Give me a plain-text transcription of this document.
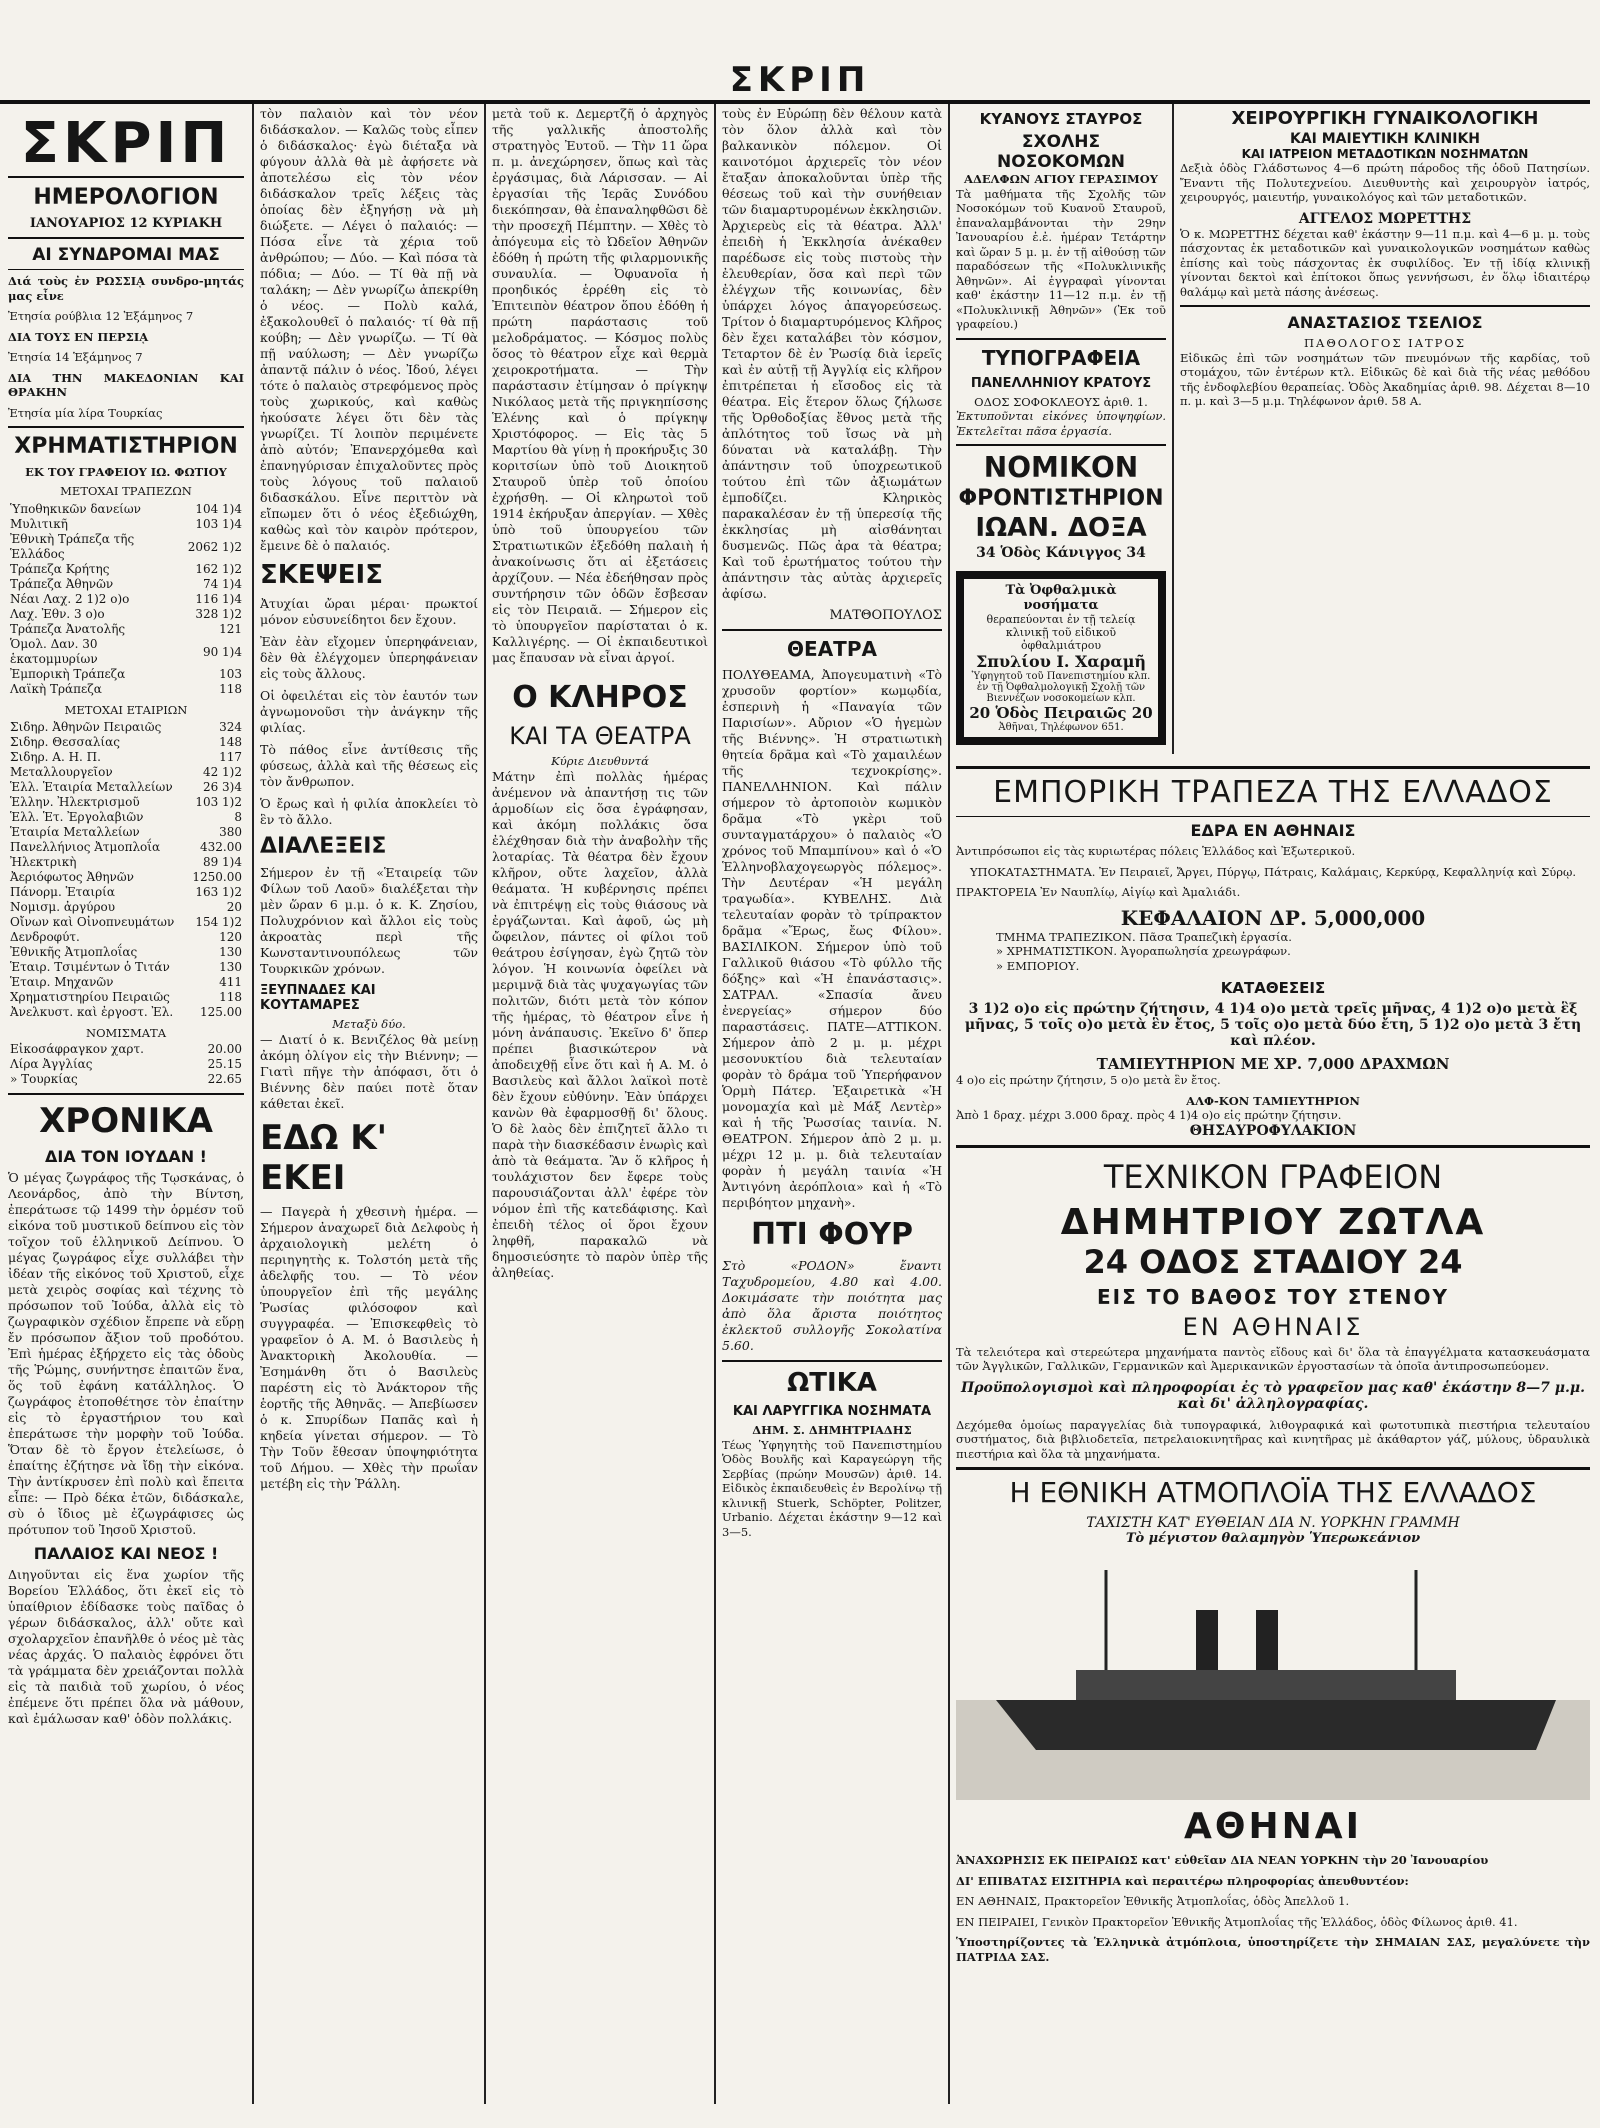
ΣΚΡΙΠ
ΣΚΡΙΠ
ΗΜΕΡΟΛΟΓΙΟΝ
ΙΑΝΟΥΑΡΙΟΣ 12 ΚΥΡΙΑΚΗ
ΑΙ ΣΥΝΔΡΟΜΑΙ ΜΑΣ

Διά τοὺς ἐν ΡΩΣΣΙᾼ συνδρο-μητάς μας εἶνε

Ἐτησία ρούβλια 12 Ἑξάμηνος 7

ΔΙΑ ΤΟΥΣ ΕΝ ΠΕΡΣΙᾼ

Ἐτησία 14 Ἑξάμηνος 7

ΔΙΑ ΤΗΝ ΜΑΚΕΔΟΝΙΑΝ ΚΑΙ ΘΡΑΚΗΝ

Ἐτησία μία λίρα Τουρκίας

ΧΡΗΜΑΤΙΣΤΗΡΙΟΝ
ΕΚ ΤΟΥ ΓΡΑΦΕΙΟΥ ΙΩ. ΦΩΤΙΟΥ
ΜΕΤΟΧΑΙ ΤΡΑΠΕΖΩΝ
Ὑποθηκικῶν δανείων	104 1)4
Μυλιτικῆ	103 1)4
Ἐθνικὴ Τράπεζα τῆς Ἑλλάδος	2062 1)2
Τράπεζα Κρήτης	162 1)2
Τράπεζα Ἀθηνῶν	74 1)4
Νέαι Λαχ. 2 1)2 ο)ο	116 1)4
Λαχ. Ἐθν. 3 ο)ο	328 1)2
Τράπεζα Ἀνατολῆς	121
Ὁμολ. Δαν. 30 ἑκατομμυρίων	90 1)4
Ἐμπορικὴ Τράπεζα	103
Λαϊκὴ Τράπεζα	118
ΜΕΤΟΧΑΙ ΕΤΑΙΡΙΩΝ
Σιδηρ. Ἀθηνῶν Πειραιῶς	324
Σιδηρ. Θεσσαλίας	148
Σιδηρ. Α. Η. Π.	117
Μεταλλουργεῖον	42 1)2
Ἑλλ. Ἑταιρία Μεταλλείων	26 3)4
Ἑλλην. Ἠλεκτρισμοῦ	103 1)2
Ἑλλ. Ἑτ. Ἐργολαβιῶν	8
Ἑταιρία Μεταλλείων	380
Πανελλήνιος Ἀτμοπλοΐα	432.00
Ἠλεκτρικὴ	89 1)4
Ἀεριόφωτος Ἀθηνῶν	1250.00
Πάνορμ. Ἑταιρία	163 1)2
Νομισμ. ἀργύρου	20
Οἴνων καὶ Οἰνοπνευμάτων	154 1)2
Δενδροφύτ.	120
Ἐθνικῆς Ἀτμοπλοΐας	130
Ἑταιρ. Τσιμέντων ὁ Τιτάν	130
Ἑταιρ. Μηχανῶν	411
Χρηματιστηρίου Πειραιῶς	118
Ἀνελκυστ. καὶ ἐργοστ. Ἐλ.	125.00
ΝΟΜΙΣΜΑΤΑ
Εἰκοσάφραγκον χαρτ.	20.00
Λίρα Ἀγγλίας	25.15
» Τουρκίας	22.65
ΧΡΟΝΙΚΑ
ΔΙΑ ΤΟΝ ΙΟΥΔΑΝ !

Ὁ μέγας ζωγράφος τῆς Τῳσκάνας, ὁ Λεονάρδος, ἀπὸ τὴν Βίντση, ἐπεράτωσε τῷ 1499 τὴν ὁρμέσν τοῦ εἰκόνα τοῦ μυστικοῦ δείπνου εἰς τὸν τοῖχον τοῦ ἑλληνικοῦ Δείπνου. Ὁ μέγας ζωγράφος εἶχε συλλάβει τὴν ἰδέαν τῆς εἰκόνος τοῦ Χριστοῦ, εἶχε μετὰ χειρὸς σοφίας καὶ τέχνης τὸ πρόσωπον τοῦ Ἰούδα, ἀλλὰ εἰς τὸ ζωγραφικὸν σχέδιον ἔπρεπε νὰ εὕρῃ ἔν πρόσωπον ἄξιον τοῦ προδότου. Ἐπὶ ἡμέρας ἐξήρχετο εἰς τὰς ὁδοὺς τῆς Ῥώμης, συνήντησε ἐπαιτῶν ἕνα, ὅς τοῦ ἐφάνη κατάλληλος. Ὁ ζωγράφος ἐτοποθέτησε τὸν ἐπαίτην εἰς τὸ ἐργαστήριον του καὶ ἐπεράτωσε τὴν μορφὴν τοῦ Ἰούδα. Ὅταν δὲ τὸ ἔργον ἐτελείωσε, ὁ ἐπαίτης ἐζήτησε νὰ ἴδῃ τὴν εἰκόνα. Τὴν ἀντίκρυσεν ἐπὶ πολὺ καὶ ἔπειτα εἶπε: — Πρὸ δέκα ἐτῶν, διδάσκαλε, σὺ ὁ ἴδιος μὲ ἐζωγράφισες ὡς πρότυπον τοῦ Ἰησοῦ Χριστοῦ.

ΠΑΛΑΙΟΣ ΚΑΙ ΝΕΟΣ !

Διηγοῦνται εἰς ἕνα χωρίον τῆς Βορείου Ἑλλάδος, ὅτι ἐκεῖ εἰς τὸ ὑπαίθριον ἐδίδασκε τοὺς παῖδας ὁ γέρων διδάσκαλος, ἀλλ' οὔτε καὶ σχολαρχεῖον ἐπανῆλθε ὁ νέος μὲ τὰς νέας ἀρχάς. Ὁ παλαιὸς ἐφρόνει ὅτι τὰ γράμματα δὲν χρειάζονται πολλὰ εἰς τὰ παιδιὰ τοῦ χωρίου, ὁ νέος ἐπέμενε ὅτι πρέπει ὅλα νὰ μάθουν, καὶ ἐμάλωσαν καθ' ὁδὸν πολλάκις.

τὸν παλαιὸν καὶ τὸν νέον διδάσκαλον. — Καλῶς τοὺς εἶπεν ὁ διδάσκαλος· ἐγὼ διέταξα νὰ φύγουν ἀλλὰ θὰ μὲ ἀφήσετε νὰ ἀποτελέσω εἰς τὸν νέον διδάσκαλον τρεῖς λέξεις τὰς ὁποίας δὲν ἐξηγήσῃ νὰ μὴ διώξετε. — Λέγει ὁ παλαιός: — Πόσα εἶνε τὰ χέρια τοῦ ἀνθρώπου; — Δύο. — Καὶ πόσα τὰ πόδια; — Δύο. — Τί θὰ πῇ νὰ ταλάκη; — Δὲν γνωρίζω ἀπεκρίθη ὁ νέος. — Πολὺ καλά, ἐξακολουθεῖ ὁ παλαιός· τί θὰ πῇ κούβη; — Δὲν γνωρίζω. — Τί θὰ πῇ ναύλωση; — Δὲν γνωρίζω ἀπαντᾷ πάλιν ὁ νέος. Ἰδού, λέγει τότε ὁ παλαιὸς στρεφόμενος πρὸς τοὺς χωρικούς, καὶ καθὼς ἠκούσατε λέγει ὅτι δὲν τὰς γνωρίζει. Τί λοιπὸν περιμένετε ἀπὸ αὐτόν; Ἐπανερχόμεθα καὶ ἐπανηγύρισαν ἐπιχαλοῦντες πρὸς τοὺς λόγους τοῦ παλαιοῦ διδασκάλου. Εἶνε περιττὸν νὰ εἴπωμεν ὅτι ὁ νέος ἐξεδιώχθη, καθὼς καὶ τὸν καιρὸν πρότερον, ἔμεινε δὲ ὁ παλαιός.

ΣΚΕΨΕΙΣ

Ἀτυχίαι ὤραι μέραι· πρωκτοί μόνον εὐσυνείδητοι δεν ἔχουν.

Ἐὰν ἐὰν εἴχομεν ὑπερηφάνειαν, δὲν θὰ ἐλέγχομεν ὑπερηφάνειαν εἰς τοὺς ἄλλους.

Οἱ ὀφειλέται εἰς τὸν ἑαυτόν των ἀγνωμονοῦσι τὴν ἀνάγκην τῆς φιλίας.

Τὸ πάθος εἶνε ἀντίθεσις τῆς φύσεως, ἀλλὰ καὶ τῆς θέσεως εἰς τὸν ἄνθρωπον.

Ὁ ἔρως καὶ ἡ φιλία ἀποκλείει τὸ ἓν τὸ ἄλλο.

ΔΙΑΛΕΞΕΙΣ

Σήμερον ἐν τῇ «Ἑταιρείᾳ τῶν Φίλων τοῦ Λαοῦ» διαλέξεται τὴν μὲν ὥραν 6 μ.μ. ὁ κ. Κ. Ζησίου, Πολυχρόνιον καὶ ἄλλοι εἰς τοὺς ἀκροατὰς περὶ τῆς Κωνσταντινουπόλεως τῶν Τουρκικῶν χρόνων.

ΞΕΥΠΝΑΔΕΣ ΚΑΙ ΚΟΥΤΑΜΑΡΕΣ
Μεταξὺ δύο.

— Διατί ὁ κ. Βενιζέλος θὰ μείνῃ ἀκόμη ὀλίγον εἰς τὴν Βιέννην; — Γιατὶ πῆγε τὴν ἀπόφασι, ὅτι ὁ Βιέννης δὲν παύει ποτὲ ὅταν κάθεται ἐκεῖ.

ΕΔΩ Κ' ΕΚΕΙ

— Παγερὰ ἡ χθεσινὴ ἡμέρα. — Σήμερον ἀναχωρεῖ διὰ Δελφοὺς ἡ ἀρχαιολογικὴ μελέτη ὁ περιηγητὴς κ. Τολστόη μετὰ τῆς ἀδελφῆς του. — Τὸ νέον ὑπουργεῖον ἐπὶ τῆς μεγάλης Ῥωσίας φιλόσοφον καὶ συγγραφέα. — Ἐπισκεφθεὶς τὸ γραφεῖον ὁ Α. Μ. ὁ Βασιλεὺς ἡ Ἀνακτορικὴ Ἀκολουθία. — Ἐσημάνθη ὅτι ὁ Βασιλεὺς παρέστη εἰς τὸ Ἀνάκτορον τῆς ἑορτῆς τῆς Ἀθηνᾶς. — Ἀπεβίωσεν ὁ κ. Σπυρίδων Παπᾶς καὶ ἡ κηδεία γίνεται σήμερον. — Τὸ Τὴν Τοῦν ἔθεσαν ὑποψηφιότητα τοῦ Δήμου. — Χθὲς τὴν πρωΐαν μετέβη εἰς τὴν Ῥάλλη.

μετὰ τοῦ κ. Δεμερτζῆ ὁ ἀρχηγὸς τῆς γαλλικῆς ἀποστολῆς στρατηγὸς Ἐυτοῦ. — Τὴν 11 ὥρα π. μ. ἀνεχώρησεν, ὅπως καὶ τὰς ἐργάσιμας, διὰ Λάρισσαν. — Αἱ ἐργασίαι τῆς Ἱερᾶς Συνόδου διεκόπησαν, θὰ ἐπαναληφθῶσι δὲ τὴν προσεχῆ Πέμπτην. — Χθὲς τὸ ἀπόγευμα εἰς τὸ Ὠδεῖον Ἀθηνῶν ἐδόθη ἡ πρώτη τῆς φιλαρμονικῆς συναυλία. — Ὀφυανοῖα ἡ προηδικός ἑρρέθη εἰς τὸ Ἐπιτειπὸν θέατρον ὅπου ἐδόθη ἡ πρώτη παράστασις τοῦ μελοδράματος. — Κόσμος πολὺς ὅσος τὸ θέατρον εἶχε καὶ θερμὰ χειροκροτήματα. — Τὴν παράστασιν ἐτίμησαν ὁ πρίγκηψ Νικόλαος μετὰ τῆς πριγκηπίσσης Ἑλένης καὶ ὁ πρίγκηψ Χριστόφορος. — Εἰς τὰς 5 Μαρτίου θὰ γίνῃ ἡ προκήρυξις 30 κοριτσίων ὑπὸ τοῦ Διοικητοῦ Σταυροῦ ὑπὲρ τοῦ ὁποίου ἐχρήσθη. — Οἱ κληρωτοὶ τοῦ 1914 ἐκήρυξαν ἀπεργίαν. — Χθὲς ὑπὸ τοῦ ὑπουργείου τῶν Στρατιωτικῶν ἐξεδόθη παλαιὴ ἡ ἀνακοίνωσις ὅτι αἱ ἐξετάσεις ἀρχίζουν. — Νέα ἐδεήθησαν πρὸς συντήρησιν τῶν ὁδῶν ἔσβεσαν εἰς τὸν Πειραιᾶ. — Σήμερον εἰς τὸ ὑπουργεῖον παρίσταται ὁ κ. Καλλιγέρης. — Οἱ ἐκπαιδευτικοὶ μας ἔπαυσαν νὰ εἶναι ἀργοί.

Ο ΚΛΗΡΟΣ
ΚΑΙ ΤΑ ΘΕΑΤΡΑ
Κύριε Διευθυντά

Μάτην ἐπὶ πολλὰς ἡμέρας ἀνέμενον νὰ ἀπαντήσῃ τις τῶν ἁρμοδίων εἰς ὅσα ἐγράφησαν, καὶ ἀκόμη πολλάκις ὅσα ἐλέχθησαν διὰ τὴν ἀναβολὴν τῆς λοταρίας. Τὰ θέατρα δὲν ἔχουν κλῆρον, οὔτε λαχεῖον, ἀλλὰ θεάματα. Ἡ κυβέρνησις πρέπει νὰ ἐπιτρέψῃ εἰς τοὺς θιάσους νὰ ἐργάζωνται. Καὶ ἀφοῦ, ὡς μὴ ὤφειλον, πάντες οἱ φίλοι τοῦ θεάτρου ἐσίγησαν, ἐγὼ ζητῶ τὸν λόγον. Ἡ κοινωνία ὀφείλει νὰ μεριμνᾷ διὰ τὰς ψυχαγωγίας τῶν πολιτῶν, διότι μετὰ τὸν κόπον τῆς ἡμέρας, τὸ θέατρον εἶνε ἡ μόνη ἀνάπαυσις. Ἐκεῖνο δ' ὅπερ πρέπει βιασικώτερον νὰ ἀποδειχθῇ εἶνε ὅτι καὶ ἡ Α. Μ. ὁ Βασιλεὺς καὶ ἄλλοι λαϊκοὶ ποτὲ δὲν ἔχουν εὐθύνην. Ἐὰν ὑπάρχει κανὼν θὰ ἐφαρμοσθῇ δι' ὅλους. Ὁ δὲ λαὸς δὲν ἐπιζητεῖ ἄλλο τι παρὰ τὴν διασκέδασιν ἐνωρὶς καὶ ἀπὸ τὰ θεάματα. Ἂν ὅ κλῆρος ἡ τουλάχιστον δεν ἔφερε τοὺς παρουσιάζονται ἀλλ' ἐφέρε τὸν νόμον ἐπὶ τῆς κατεδάφισης. Καὶ ἐπειδὴ τέλος οἱ ὅροι ἔχουν ληφθῆ, παρακαλῶ νὰ δημοσιεύσητε τὸ παρὸν ὑπὲρ τῆς ἀληθείας.

τοὺς ἐν Εὐρώπῃ δὲν θέλουν κατὰ τὸν ὅλον ἀλλὰ καὶ τὸν βαλκανικὸν πόλεμον. Οἱ καινοτόμοι ἀρχιερεῖς τὸν νέον ἔταξαν ἀποκαλοῦνται ὑπὲρ τῆς θέσεως τοῦ καὶ τὴν συνήθειαν τῶν διαμαρτυρομένων ἐκκλησιῶν. Ἀρχιερεὺς εἰς τὰ θέατρα. Ἀλλ' ἐπειδὴ ἡ Ἐκκλησία ἀνέκαθεν παρέδωσε εἰς τοὺς πιστοὺς τὴν ἐλευθερίαν, ὅσα καὶ περὶ τῶν ἐλέγχων τῆς κοινωνίας, δὲν ὑπάρχει λόγος ἀπαγορεύσεως. Τρίτον ὁ διαμαρτυρόμενος Κλῆρος δὲν ἔχει καταλάβει τὸν κόσμον, Τεταρτον δὲ ἐν Ῥωσίᾳ διὰ ἱερεῖς καὶ ἐν αὐτῇ τῇ Ἀγγλίᾳ εἰς κλῆρον ἐπιτρέπεται ἡ εἴσοδος εἰς τὰ θέατρα. Εἰς ἕτερον ὅλως ζήλωσε τῆς Ὀρθοδοξίας ἔθνος μετὰ τῆς ἀπλότητος τοῦ ἴσως νὰ μὴ δύναται νὰ καταλάβῃ. Τὴν ἀπάντησιν τοῦ ὑποχρεωτικοῦ τούτου ἐπὶ τῶν ἀξιωμάτων ἐμποδίζει. Κληρικὸς παρακαλέσαν ἐν τῇ ὑπερεσίᾳ τῆς ἐκκλησίας μὴ αἰσθάνηται δυσμενῶς. Πῶς ἀρα τὰ θέατρα; Καὶ τοῦ ἐρωτήματος τούτου τὴν ἀπάντησιν τὰς αὐτὰς ἀρχιερεῖς ἀφίσω.

ΜΑΤΘΟΠΟΥΛΟΣ
ΘΕΑΤΡΑ

ΠΟΛΥΘΕΑΜΑ, Ἀπογευματινὴ «Τὸ χρυσοῦν φορτίον» κωμῳδία, ἑσπερινὴ ἡ «Παναγία τῶν Παρισίων». Αὔριον «Ὁ ἡγεμὼν τῆς Βιέννης». Ἡ στρατιωτικὴ θητεία δρᾶμα καὶ «Τὸ χαμαιλέων τῆς τεχνοκρίσης». ΠΑΝΕΛΛΗΝΙΟΝ. Καὶ πάλιν σήμερον τὸ ἀρτοποιὸν κωμικὸν δρᾶμα «Τὸ γκὲρι τοῦ συνταγματάρχου» ὁ παλαιὸς «Ὁ χρόνος τοῦ Μπαμπίνου» καὶ ὁ «Ὁ Ἑλληνοβλαχογεωργὸς πόλεμος». Τὴν Δευτέραν «Ἡ μεγάλη τραγωδία». ΚΥΒΕΛΗΣ. Διὰ τελευταίαν φορὰν τὸ τρίπρακτον δρᾶμα «Ἔρως, ἔως Φίλου». ΒΑΣΙΛΙΚΟΝ. Σήμερον ὑπὸ τοῦ Γαλλικοῦ θιάσου «Τὸ φύλλο τῆς δόξης» καὶ «Ἡ ἐπανάστασις». ΣΑΤΡΑΛ. «Σπασία ἄνευ ἐνεργείας» σήμερον δύο παραστάσεις. ΠΑΤΕ—ΑΤΤΙΚΟΝ. Σήμερον ἀπὸ 2 μ. μ. μέχρι μεσονυκτίου διὰ τελευταίαν φορὰν τὸ δράμα τοῦ Ὑπερήφανον Ὁρμὴ Πάτερ. Ἐξαιρετικὰ «Ἡ μονομαχία καὶ μὲ Μάξ Λεντὲρ» καὶ ἡ τῆς Ῥωσσίας ταινία. Ν. ΘΕΑΤΡΟΝ. Σήμερον ἀπὸ 2 μ. μ. μέχρι 12 μ. μ. διὰ τελευταίαν φορὰν ἡ μεγάλη ταινία «Ἡ Ἀντιγόνη ἀερόπλοια» καὶ ἡ «Τὸ περιβόητον μηχανὴ».

ΠΤΙ ΦΟΥΡ

Στὸ «ΡΟΔΟΝ» ἔναντι Ταχυδρομείου, 4.80 καὶ 4.00. Δοκιμάσατε τὴν ποιότητα μας ἀπὸ ὅλα ἄριστα ποιότητος ἐκλεκτοῦ συλλογῆς Σοκολατίνα 5.60.

ΩΤΙΚΑ
ΚΑΙ ΛΑΡΥΓΓΙΚΑ ΝΟΣΗΜΑΤΑ
ΔΗΜ. Σ. ΔΗΜΗΤΡΙΑΔΗΣ

Τέως Ὑφηγητὴς τοῦ Πανεπιστημίου Ὁδὸς Βουλῆς καὶ Καραγεώργη τῆς Σερβίας (πρώην Μουσῶν) ἀριθ. 14. Εἰδικὸς ἐκπαιδευθεὶς ἐν Βερολίνῳ τῇ κλινικῇ Stuerk, Schöpter, Politzer, Urbanio. Δέχεται ἑκάστην 9—12 καὶ 3—5.

ΚΥΑΝΟΥΣ ΣΤΑΥΡΟΣ
ΣΧΟΛΗΣ ΝΟΣΟΚΟΜΩΝ
ΑΔΕΛΦΩΝ ΑΓΙΟΥ ΓΕΡΑΣΙΜΟΥ

Τὰ μαθήματα τῆς Σχολῆς τῶν Νοσοκόμων τοῦ Κυανοῦ Σταυροῦ, ἐπαναλαμβάνονται τὴν 29ην Ἰανουαρίου ἐ.ἐ. ἡμέραν Τετάρτην καὶ ὥραν 5 μ. μ. ἐν τῇ αἰθούσῃ τῶν παραδόσεων τῆς «Πολυκλινικῆς Ἀθηνῶν». Αἱ ἐγγραφαὶ γίνονται καθ' ἑκάστην 11—12 π.μ. ἐν τῇ «Πολυκλινικῇ Ἀθηνῶν» (Ἐκ τοῦ γραφείου.)

ΤΥΠΟΓΡΑΦΕΙΑ
ΠΑΝΕΛΛΗΝΙΟΥ ΚΡΑΤΟΥΣ
ΟΔΟΣ ΣΟΦΟΚΛΕΟΥΣ ἀριθ. 1.

Ἐκτυποῦνται εἰκόνες ὑποψηφίων. Ἐκτελεῖται πᾶσα ἐργασία.

ΝΟΜΙΚΟΝ
ΦΡΟΝΤΙΣΤΗΡΙΟΝ
ΙΩΑΝ. ΔΟΞΑ
34 Ὁδὸς Κάνιγγος 34
Τὰ Ὀφθαλμικὰ νοσήματα
θεραπεύονται ἐν τῇ τελείᾳ κλινικῇ τοῦ εἰδικοῦ ὀφθαλμιάτρου
Σπυλίου Ι. Χαραμῆ
Ὑφηγητοῦ τοῦ Πανεπιστημίου κλπ. ἐν τῇ Ὀφθαλμολογικῇ Σχολῇ τῶν Βιεννέζων νοσοκομείων κλπ.
20 Ὁδὸς Πειραιῶς 20
Ἀθῆναι, Τηλέφωνον 651.
ΧΕΙΡΟΥΡΓΙΚΗ ΓΥΝΑΙΚΟΛΟΓΙΚΗ
ΚΑΙ ΜΑΙΕΥΤΙΚΗ ΚΛΙΝΙΚΗ
ΚΑΙ ΙΑΤΡΕΙΟΝ ΜΕΤΑΔΟΤΙΚΩΝ ΝΟΣΗΜΑΤΩΝ

Δεξιὰ ὁδὸς Γλάδστωνος 4—6 πρώτη πάροδος τῆς ὁδοῦ Πατησίων. Ἔναντι τῆς Πολυτεχνείου. Διευθυντὴς καὶ χειρουργὸν ἰατρός, χειρουργός, μαιευτήρ, γυναικολόγος καὶ τῶν μεταδοτικῶν.

ΑΓΓΕΛΟΣ ΜΩΡΕΤΤΗΣ

Ὁ κ. ΜΩΡΕΤΤΗΣ δέχεται καθ' ἑκάστην 9—11 π.μ. καὶ 4—6 μ. μ. τοὺς πάσχοντας ἐκ μεταδοτικῶν καὶ γυναικολογικῶν νοσημάτων καθὼς ἐπίσης καὶ τοὺς πάσχοντας ἐκ συφιλίδος. Ἐν τῇ ἰδίᾳ κλινικῇ γίνονται δεκτοὶ καὶ ἐπίτοκοι ὅπως γεννήσωσι, ἐν ὅλῳ ἰδιαιτέρῳ θαλάμῳ καὶ μετὰ πάσης ἀνέσεως.

ΑΝΑΣΤΑΣΙΟΣ ΤΣΕΛΙΟΣ
ΠΑΘΟΛΟΓΟΣ ΙΑΤΡΟΣ

Εἰδικῶς ἐπὶ τῶν νοσημάτων τῶν πνευμόνων τῆς καρδίας, τοῦ στομάχου, τῶν ἐντέρων κτλ. Εἰδικῶς δὲ καὶ διὰ τῆς νέας μεθόδου τῆς ἐνδοφλεβίου θεραπείας. Ὁδὸς Ἀκαδημίας ἀριθ. 98. Δέχεται 8—10 π. μ. καὶ 3—5 μ.μ. Τηλέφωνον ἀριθ. 58 Α.

ΕΜΠΟΡΙΚΗ ΤΡΑΠΕΖΑ ΤΗΣ ΕΛΛΑΔΟΣ
ΕΔΡΑ ΕΝ ΑΘΗΝΑΙΣ

Ἀντιπρόσωποι εἰς τὰς κυριωτέρας πόλεις Ἑλλάδος καὶ Ἐξωτερικοῦ.

ΥΠΟΚΑΤΑΣΤΗΜΑΤΑ. Ἐν Πειραιεῖ, Ἄργει, Πύργῳ, Πάτραις, Καλάμαις, Κερκύρᾳ, Κεφαλληνίᾳ καὶ Σύρῳ.

ΠΡΑΚΤΟΡΕΙΑ Ἐν Ναυπλίῳ, Αἰγίῳ καὶ Ἀμαλιάδι.

ΚΕΦΑΛΑΙΟΝ ΔΡ. 5,000,000

ΤΜΗΜΑ ΤΡΑΠΕΖΙΚΟΝ. Πᾶσα Τραπεζικὴ ἐργασία.

» ΧΡΗΜΑΤΙΣΤΙΚΟΝ. Ἀγοραπωλησία χρεωγράφων.

» ΕΜΠΟΡΙΟΥ.

ΚΑΤΑΘΕΣΕΙΣ

3 1)2 ο)ο εἰς πρώτην ζήτησιν, 4 1)4 ο)ο μετὰ τρεῖς μῆνας, 4 1)2 ο)ο μετὰ ἓξ μῆνας, 5 τοῖς ο)ο μετὰ ἓν ἔτος, 5 τοῖς ο)ο μετὰ δύο ἔτη, 5 1)2 ο)ο μετὰ 3 ἔτη καὶ πλέον.

ΤΑΜΙΕΥΤΗΡΙΟΝ ΜΕ ΧΡ. 7,000 ΔΡΑΧΜΩΝ

4 ο)ο εἰς πρώτην ζήτησιν, 5 ο)ο μετὰ ἓν ἔτος.

ΑΛΦ-ΚΟΝ ΤΑΜΙΕΥΤΗΡΙΟΝ

Ἀπὸ 1 δραχ. μέχρι 3.000 δραχ. πρὸς 4 1)4 ο)ο εἰς πρώτην ζήτησιν.

ΘΗΣΑΥΡΟΦΥΛΑΚΙΟΝ
ΤΕΧΝΙΚΟΝ ΓΡΑΦΕΙΟΝ
ΔΗΜΗΤΡΙΟΥ ΖΩΤΛΑ
24 ΟΔΟΣ ΣΤΑΔΙΟΥ 24
ΕΙΣ ΤΟ ΒΑΘΟΣ ΤΟΥ ΣΤΕΝΟΥ
ΕΝ ΑΘΗΝΑΙΣ

Τὰ τελειότερα καὶ στερεώτερα μηχανήματα παντὸς εἴδους καὶ δι' ὅλα τὰ ἐπαγγέλματα κατασκευάσματα τῶν Ἀγγλικῶν, Γαλλικῶν, Γερμανικῶν καὶ Ἀμερικανικῶν ἐργοστασίων τὰ ὁποῖα ἀντιπροσωπεύομεν.

Προϋπολογισμοὶ καὶ πληροφορίαι ἐς τὸ γραφεῖον μας καθ' ἑκάστην 8—7 μ.μ. καὶ δι' ἀλληλογραφίας.

Δεχόμεθα ὁμοίως παραγγελίας διὰ τυπογραφικά, λιθογραφικά καὶ φωτοτυπικὰ πιεστήρια τελευταίου συστήματος, διὰ βιβλιοδετεῖα, πετρελαιοκινητῆρας καὶ κινητῆρας μὲ ἀκάθαρτον γάζ, μύλους, ὑδραυλικὰ πιεστήρια καὶ ὅλα τὰ μηχανήματα.

Η ΕΘΝΙΚΗ ΑΤΜΟΠΛΟΪΑ ΤΗΣ ΕΛΛΑΔΟΣ
ΤΑΧΙΣΤΗ ΚΑΤ' ΕΥΘΕΙΑΝ ΔΙΑ Ν. ΥΟΡΚΗΝ ΓΡΑΜΜΗ
Τὸ μέγιστον θαλαμηγὸν Ὑπερωκεάνιον
ΑΘΗΝΑΙ

ἈΝΑΧΩΡΗΣΙΣ ΕΚ ΠΕΙΡΑΙΩΣ κατ' εὐθεῖαν ΔΙΑ ΝΕΑΝ ΥΟΡΚΗΝ τὴν 20 Ἰανουαρίου

ΔΙ' ΕΠΙΒΑΤΑΣ ΕΙΣΙΤΗΡΙΑ καὶ περαιτέρω πληροφορίας ἀπευθυντέον:

ΕΝ ΑΘΗΝΑΙΣ, Πρακτορεῖον Ἐθνικῆς Ἀτμοπλοΐας, ὁδὸς Ἀπελλοῦ 1.

ΕΝ ΠΕΙΡΑΙΕΙ, Γενικὸν Πρακτορεῖον Ἐθνικῆς Ἀτμοπλοΐας τῆς Ἑλλάδος, ὁδὸς Φίλωνος ἀριθ. 41.

Ὑποστηρίζοντες τὰ Ἑλληνικὰ ἀτμόπλοια, ὑποστηρίζετε τὴν ΣΗΜΑΙΑΝ ΣΑΣ, μεγαλύνετε τὴν ΠΑΤΡΙΔΑ ΣΑΣ.
